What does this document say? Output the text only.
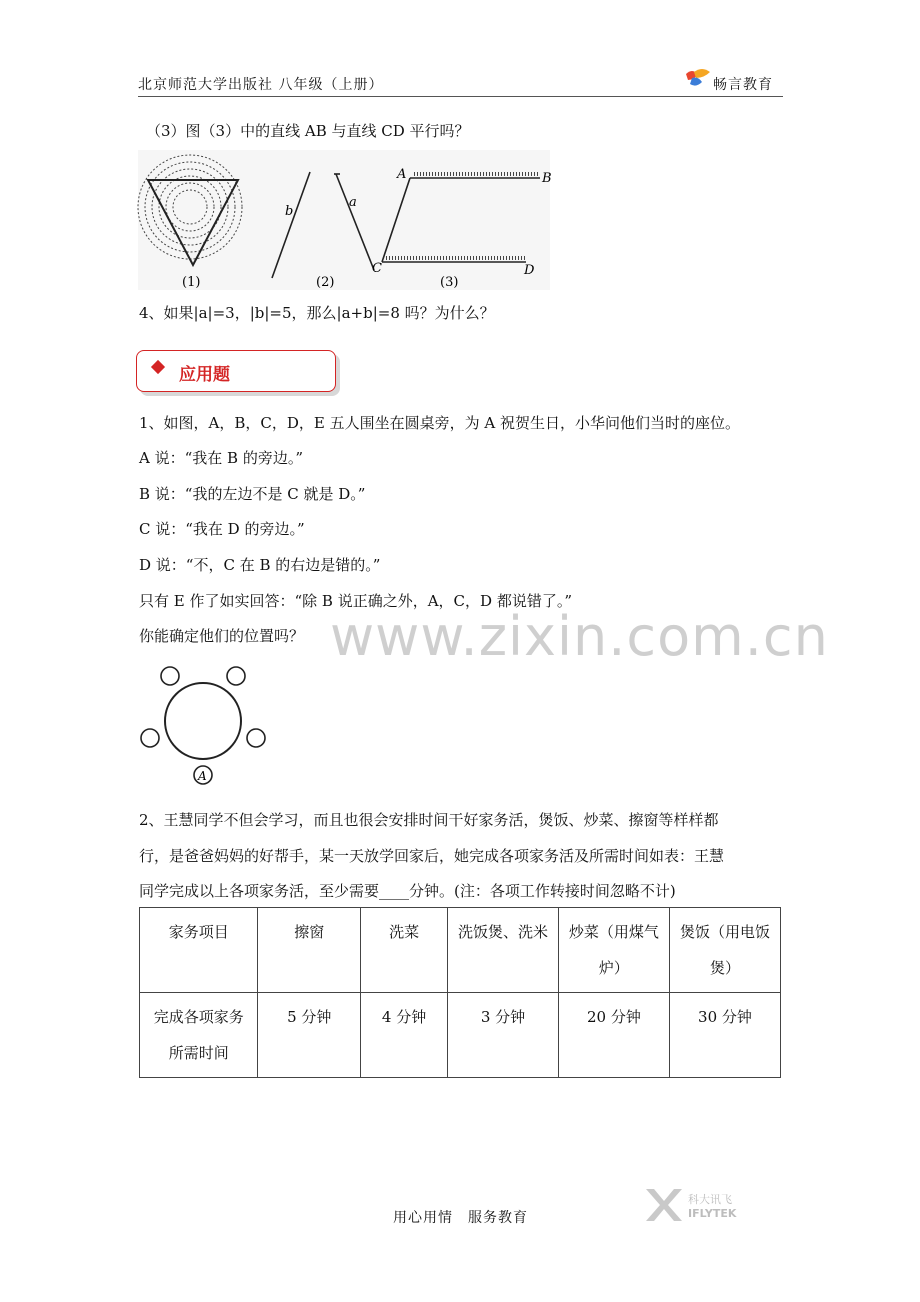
北京师范大学出版社 八年级（上册）	畅言教育
（3）图（3）中的直线 AB 与直线 CD 平行吗？
(1)
b
a
(2)
A	B
C	D
(3)
4、如果|a|=3，|b|=5，那么|a+b|=8 吗？为什么？
应用题
www.zixin.com.cn
1、如图，A，B，C，D，E 五人围坐在圆桌旁，为 A 祝贺生日，小华问他们当时的座位。
A 说：“我在 B 的旁边。”
B 说：“我的左边不是 C 就是 D。”
C 说：“我在 D 的旁边。”
D 说：“不，C 在 B 的右边是错的。”
只有 E 作了如实回答：“除 B 说正确之外，A，C，D 都说错了。”
你能确定他们的位置吗？
A
2、王慧同学不但会学习，而且也很会安排时间干好家务活，煲饭、炒菜、擦窗等样样都
行，是爸爸妈妈的好帮手，某一天放学回家后，她完成各项家务活及所需时间如表：王慧
同学完成以上各项家务活，至少需要____分钟。(注：各项工作转接时间忽略不计)
家务项目	擦窗	洗菜	洗饭煲、洗米	炒菜（用煤气炉）	煲饭（用电饭煲）
完成各项家务所需时间	5 分钟	4 分钟	3 分钟	20 分钟	30 分钟
用心用情　服务教育
科大讯飞
IFLYTEK
